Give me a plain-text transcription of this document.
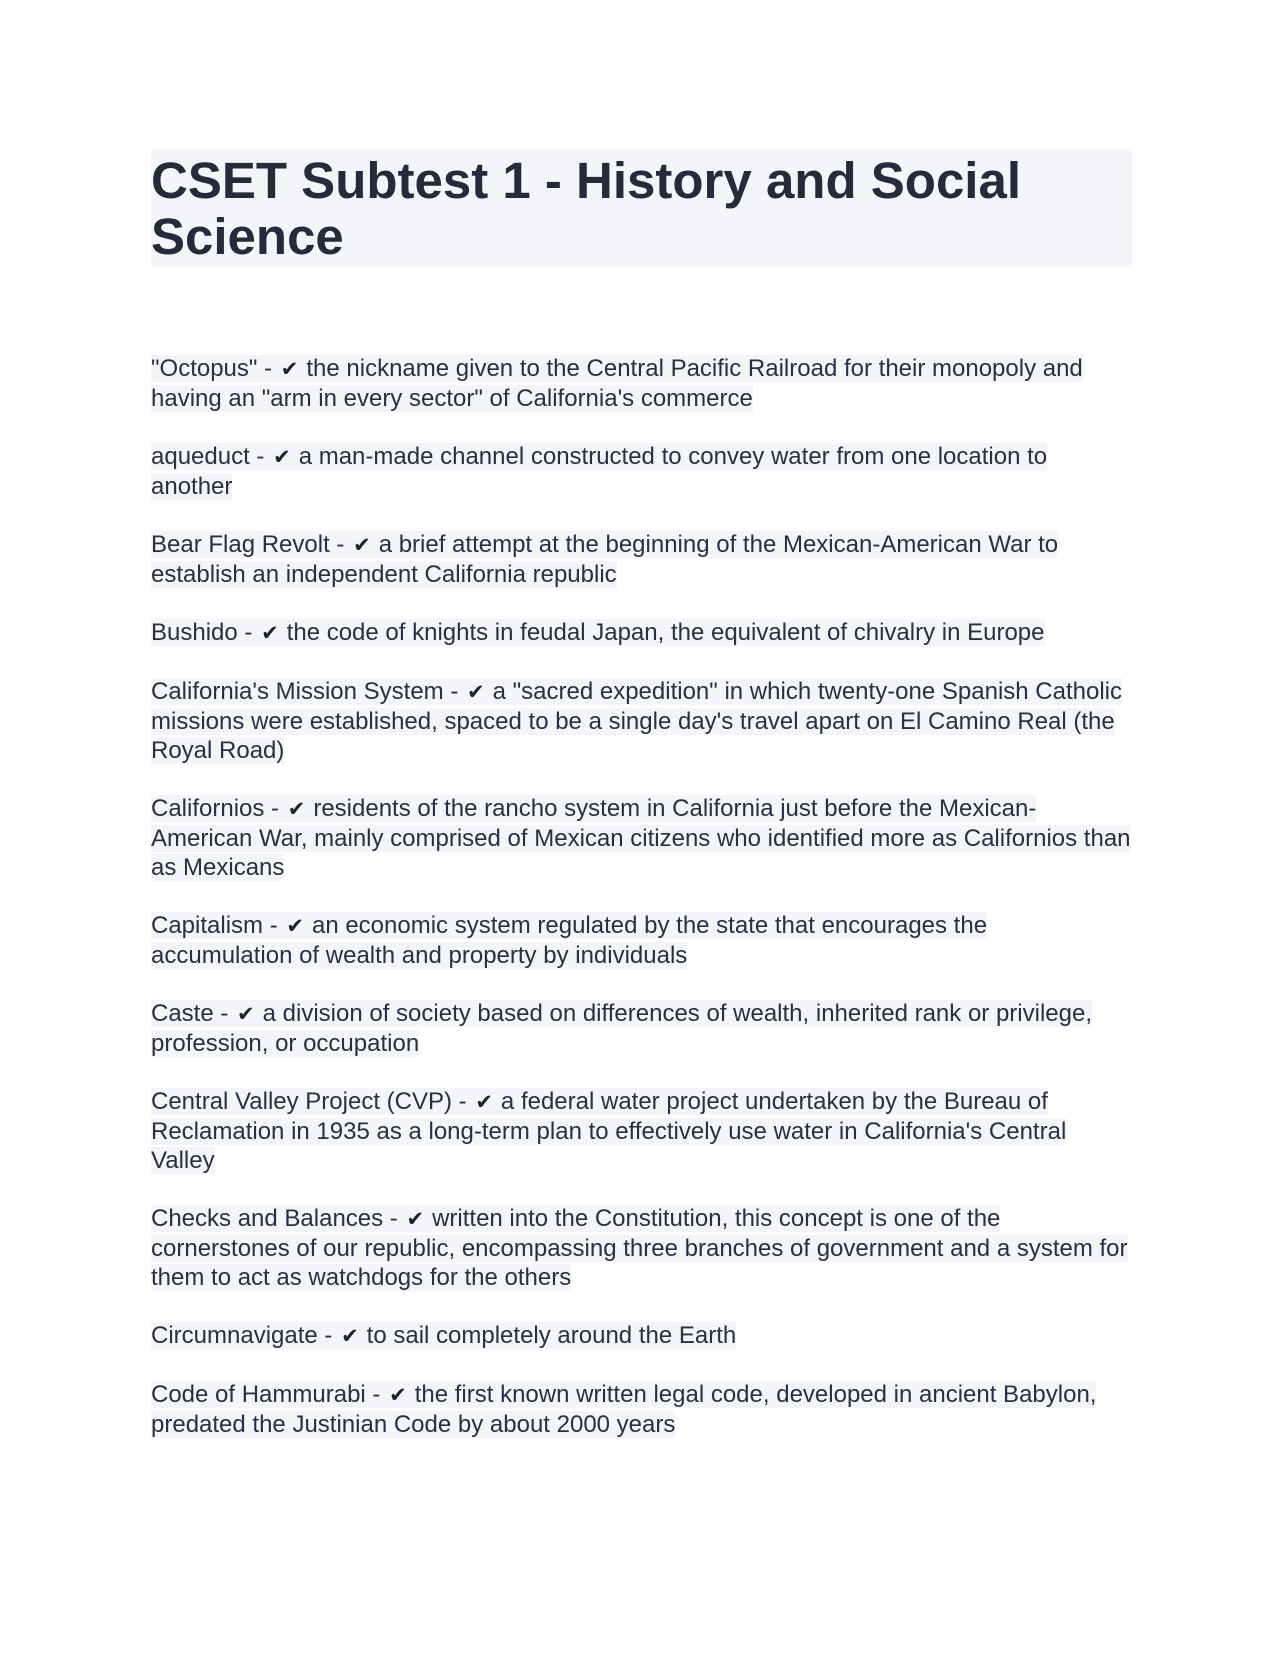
CSET Subtest 1 - History and Social Science

"Octopus" - ✔ the nickname given to the Central Pacific Railroad for their monopoly and having an "arm in every sector" of California's commerce

aqueduct - ✔ a man-made channel constructed to convey water from one location to another

Bear Flag Revolt - ✔ a brief attempt at the beginning of the Mexican-American War to establish an independent California republic

Bushido - ✔ the code of knights in feudal Japan, the equivalent of chivalry in Europe

California's Mission System - ✔ a "sacred expedition" in which twenty-one Spanish Catholic missions were established, spaced to be a single day's travel apart on El Camino Real (the Royal Road)

Californios - ✔ residents of the rancho system in California just before the Mexican-American War, mainly comprised of Mexican citizens who identified more as Californios than as Mexicans

Capitalism - ✔ an economic system regulated by the state that encourages the accumulation of wealth and property by individuals

Caste - ✔ a division of society based on differences of wealth, inherited rank or privilege, profession, or occupation

Central Valley Project (CVP) - ✔ a federal water project undertaken by the Bureau of Reclamation in 1935 as a long-term plan to effectively use water in California's Central Valley

Checks and Balances - ✔ written into the Constitution, this concept is one of the cornerstones of our republic, encompassing three branches of government and a system for them to act as watchdogs for the others

Circumnavigate - ✔ to sail completely around the Earth

Code of Hammurabi - ✔ the first known written legal code, developed in ancient Babylon, predated the Justinian Code by about 2000 years
